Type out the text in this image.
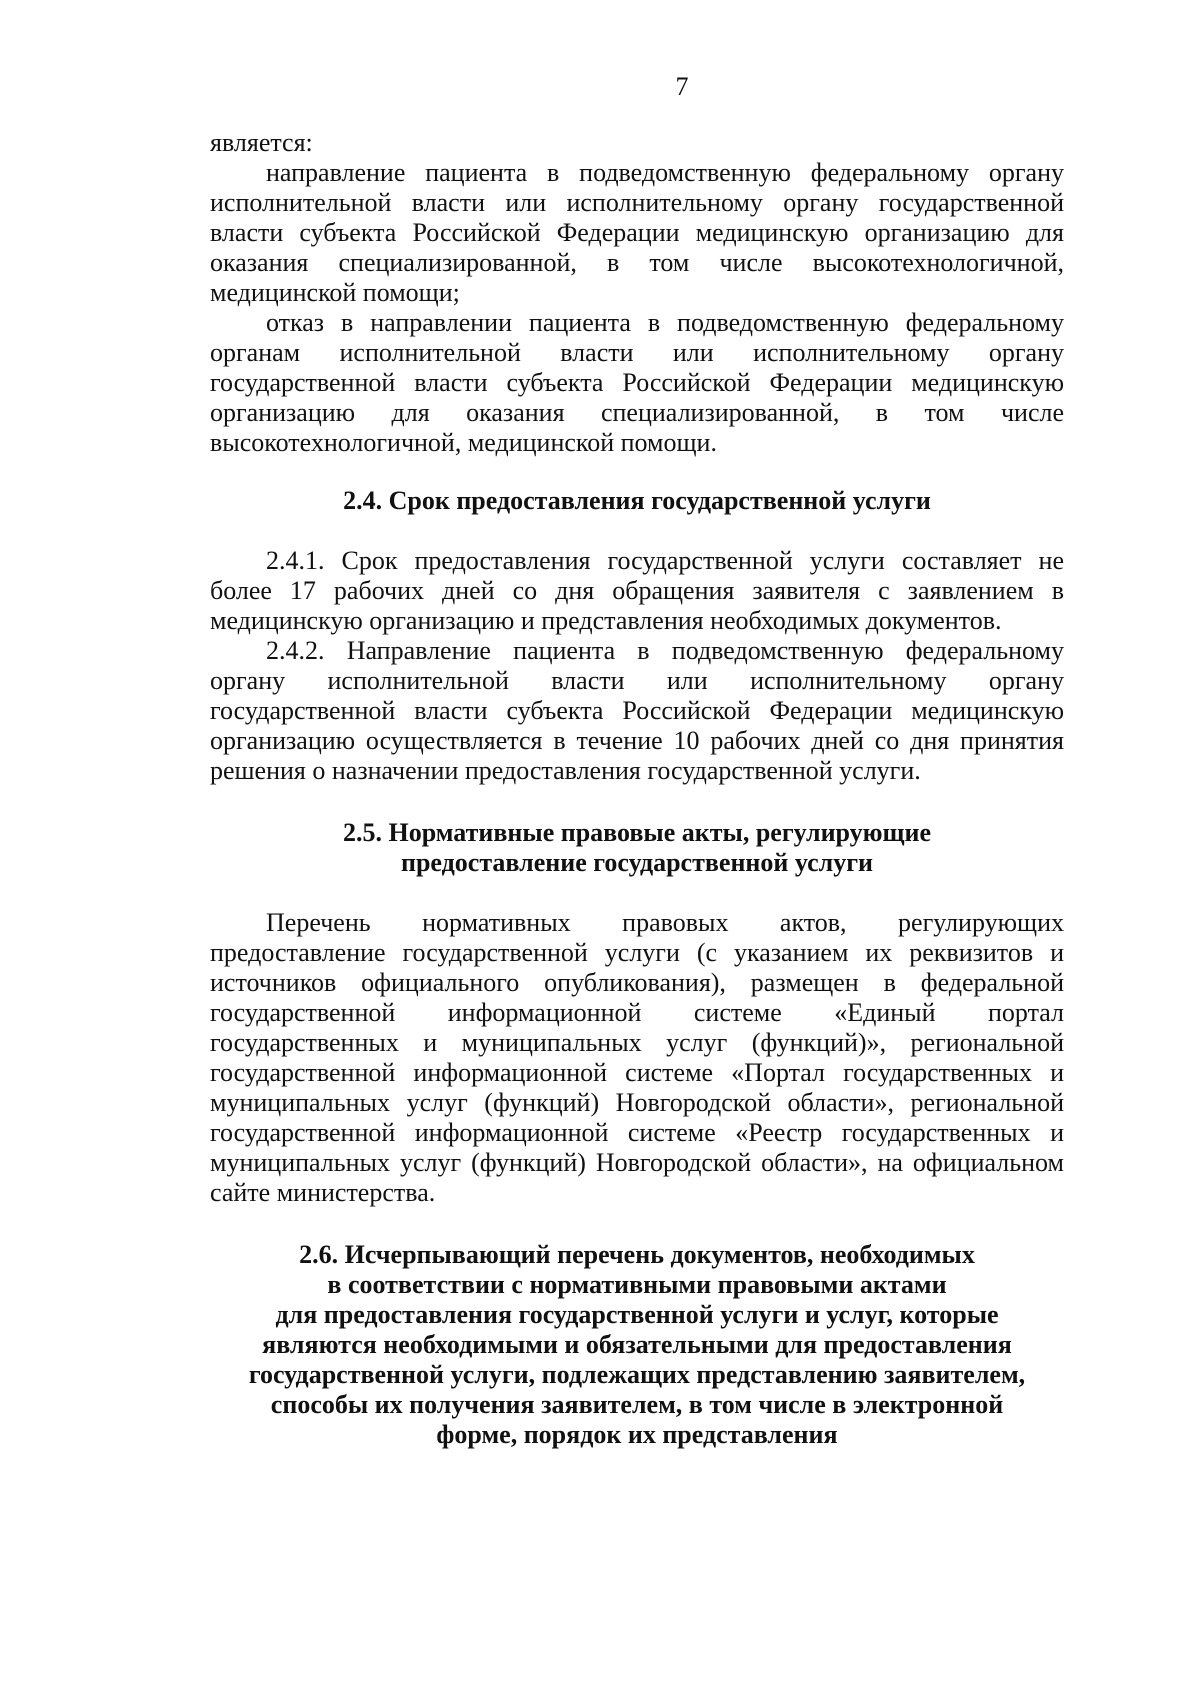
7

является:

направление пациента в подведомственную федеральному органу исполнительной власти или исполнительному органу государственной власти субъекта Российской Федерации медицинскую организацию для оказания специализированной, в том числе высокотехнологичной, медицинской помощи;

отказ в направлении пациента в подведомственную федеральному органам исполнительной власти или исполнительному органу государственной власти субъекта Российской Федерации медицинскую организацию для оказания специализированной, в том числе высокотехнологичной, медицинской помощи.

2.4. Срок предоставления государственной услуги

2.4.1. Срок предоставления государственной услуги составляет не более 17 рабочих дней со дня обращения заявителя с заявлением в медицинскую организацию и представления необходимых документов.

2.4.2. Направление пациента в подведомственную федеральному органу исполнительной власти или исполнительному органу государственной власти субъекта Российской Федерации медицинскую организацию осуществляется в течение 10 рабочих дней со дня принятия решения о назначении предоставления государственной услуги.

2.5. Нормативные правовые акты, регулирующие

предоставление государственной услуги

Перечень нормативных правовых актов, регулирующих предоставление государственной услуги (с указанием их реквизитов и источников официального опубликования), размещен в федеральной государственной информационной системе «Единый портал государственных и муниципальных услуг (функций)», региональной государственной информационной системе «Портал государственных и муниципальных услуг (функций) Новгородской области», региональной государственной информационной системе «Реестр государственных и муниципальных услуг (функций) Новгородской области», на официальном сайте министерства.

2.6. Исчерпывающий перечень документов, необходимых

в соответствии с нормативными правовыми актами

для предоставления государственной услуги и услуг, которые

являются необходимыми и обязательными для предоставления

государственной услуги, подлежащих представлению заявителем,

способы их получения заявителем, в том числе в электронной

форме, порядок их представления
